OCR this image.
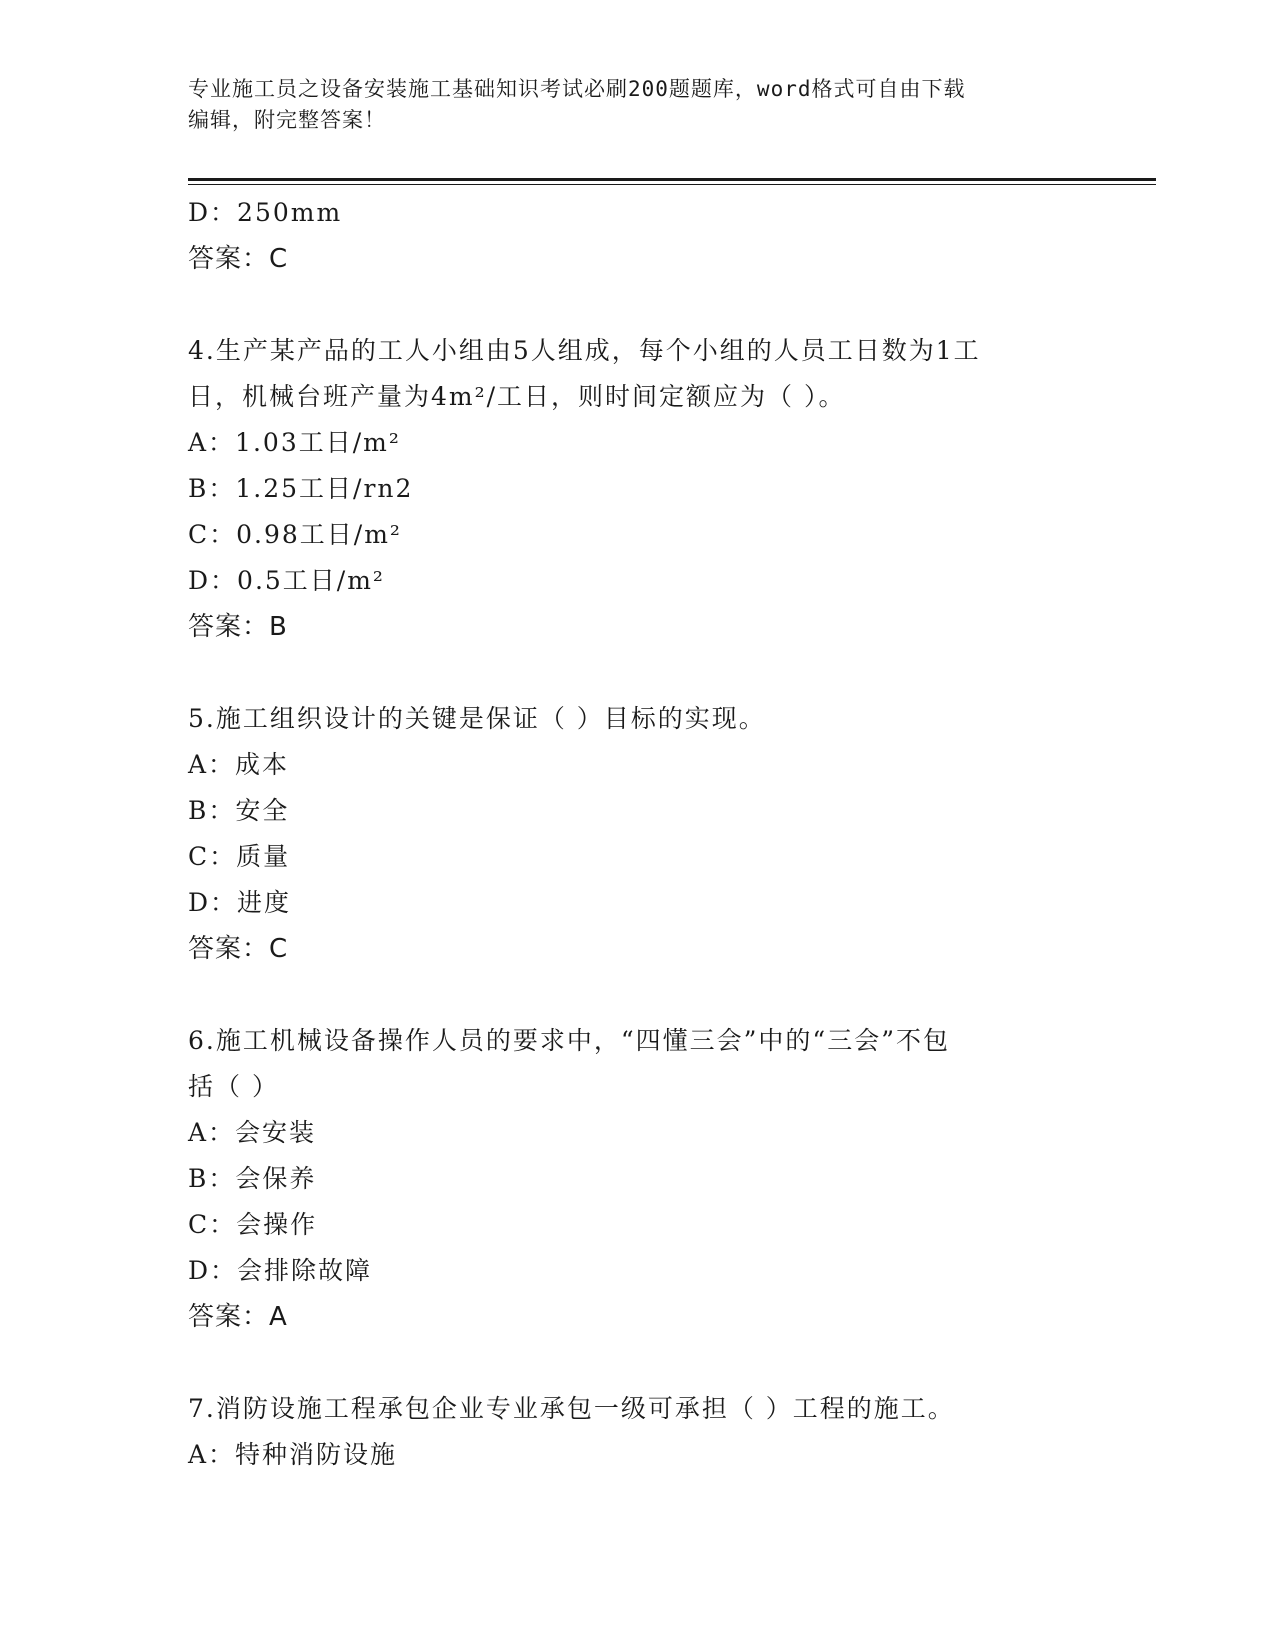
专业施工员之设备安装施工基础知识考试必刷200题题库，word格式可自由下载

编辑，附完整答案！

D：250mm
答案：C
4.生产某产品的工人小组由5人组成，每个小组的人员工日数为1工
日，机械台班产量为4m²/工日，则时间定额应为（ ）。
A：1.03工日/m²
B：1.25工日/rn2
C：0.98工日/m²
D：0.5工日/m²
答案：B
5.施工组织设计的关键是保证（ ）目标的实现。
A：成本
B：安全
C：质量
D：进度
答案：C
6.施工机械设备操作人员的要求中，“四懂三会”中的“三会”不包
括（ ）
A：会安装
B：会保养
C：会操作
D：会排除故障
答案：A
7.消防设施工程承包企业专业承包一级可承担（ ）工程的施工。
A：特种消防设施
